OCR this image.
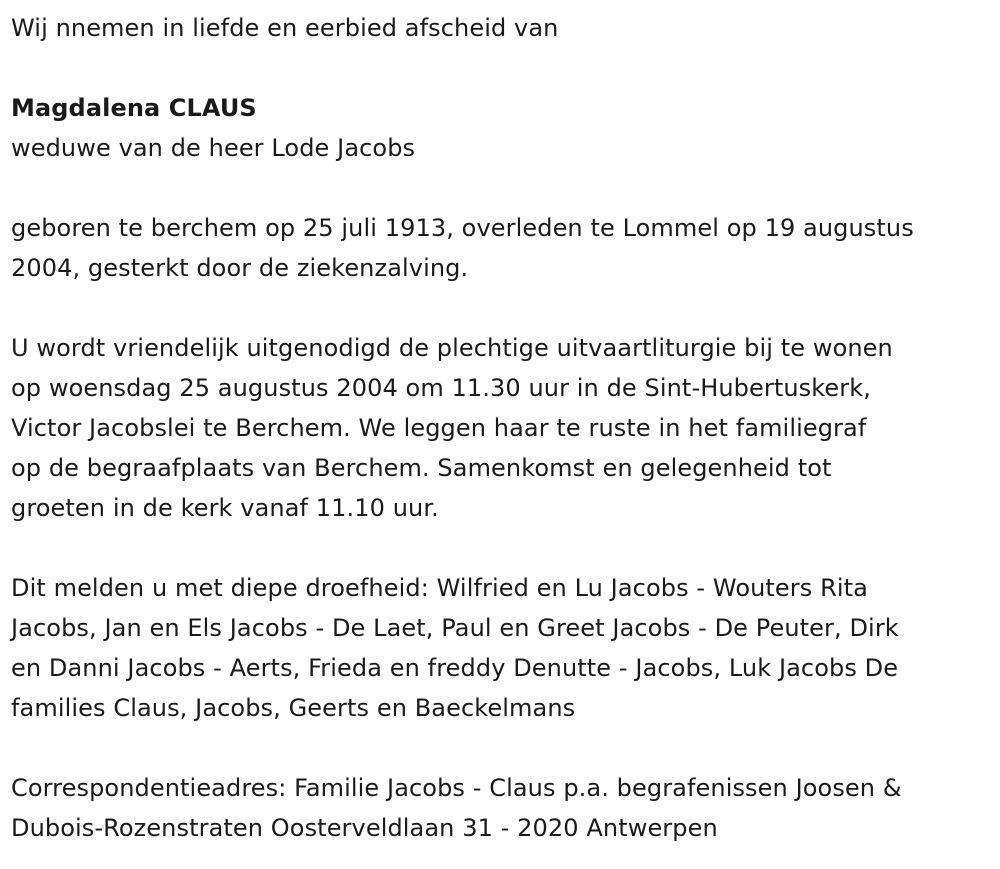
Wij nnemen in liefde en eerbied afscheid van

Magdalena CLAUS

weduwe van de heer Lode Jacobs

geboren te berchem op 25 juli 1913, overleden te Lommel op 19 augustus

2004, gesterkt door de ziekenzalving.

U wordt vriendelijk uitgenodigd de plechtige uitvaartliturgie bij te wonen

op woensdag 25 augustus 2004 om 11.30 uur in de Sint-Hubertuskerk,

Victor Jacobslei te Berchem. We leggen haar te ruste in het familiegraf

op de begraafplaats van Berchem. Samenkomst en gelegenheid tot

groeten in de kerk vanaf 11.10 uur.

Dit melden u met diepe droefheid: Wilfried en Lu Jacobs - Wouters Rita

Jacobs, Jan en Els Jacobs - De Laet, Paul en Greet Jacobs - De Peuter, Dirk

en Danni Jacobs - Aerts, Frieda en freddy Denutte - Jacobs, Luk Jacobs De

families Claus, Jacobs, Geerts en Baeckelmans

Correspondentieadres: Familie Jacobs - Claus p.a. begrafenissen Joosen &

Dubois-Rozenstraten Oosterveldlaan 31 - 2020 Antwerpen
